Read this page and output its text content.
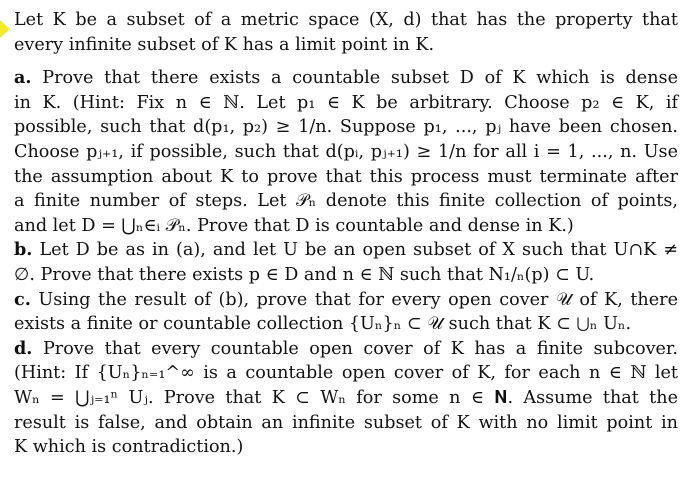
Let K be a subset of a metric space (X, d) that has the property that
every infinite subset of K has a limit point in K.
a. Prove that there exists a countable subset D of K which is dense
in K. (Hint: Fix n ∈ ℕ. Let p₁ ∈ K be arbitrary. Choose p₂ ∈ K, if
possible, such that d(p₁, p₂) ≥ 1/n. Suppose p₁, ..., pⱼ have been chosen.
Choose pⱼ₊₁, if possible, such that d(pᵢ, pⱼ₊₁) ≥ 1/n for all i = 1, ..., n. Use
the assumption about K to prove that this process must terminate after
a finite number of steps. Let 𝒫ₙ denote this finite collection of points,
and let D = ⋃ₙ∈ᵢ 𝒫ₙ. Prove that D is countable and dense in K.)
b. Let D be as in (a), and let U be an open subset of X such that U∩K ≠
∅. Prove that there exists p ∈ D and n ∈ ℕ such that N₁/ₙ(p) ⊂ U.
c. Using the result of (b), prove that for every open cover 𝒰 of K, there
exists a finite or countable collection {Uₙ}ₙ ⊂ 𝒰 such that K ⊂ ⋃ₙ Uₙ.
d. Prove that every countable open cover of K has a finite subcover.
(Hint: If {Uₙ}ₙ₌₁^∞ is a countable open cover of K, for each n ∈ ℕ let
Wₙ = ⋃ⱼ₌₁ⁿ Uⱼ. Prove that K ⊂ Wₙ for some n ∈ 𝐍. Assume that the
result is false, and obtain an infinite subset of K with no limit point in
K which is contradiction.)
